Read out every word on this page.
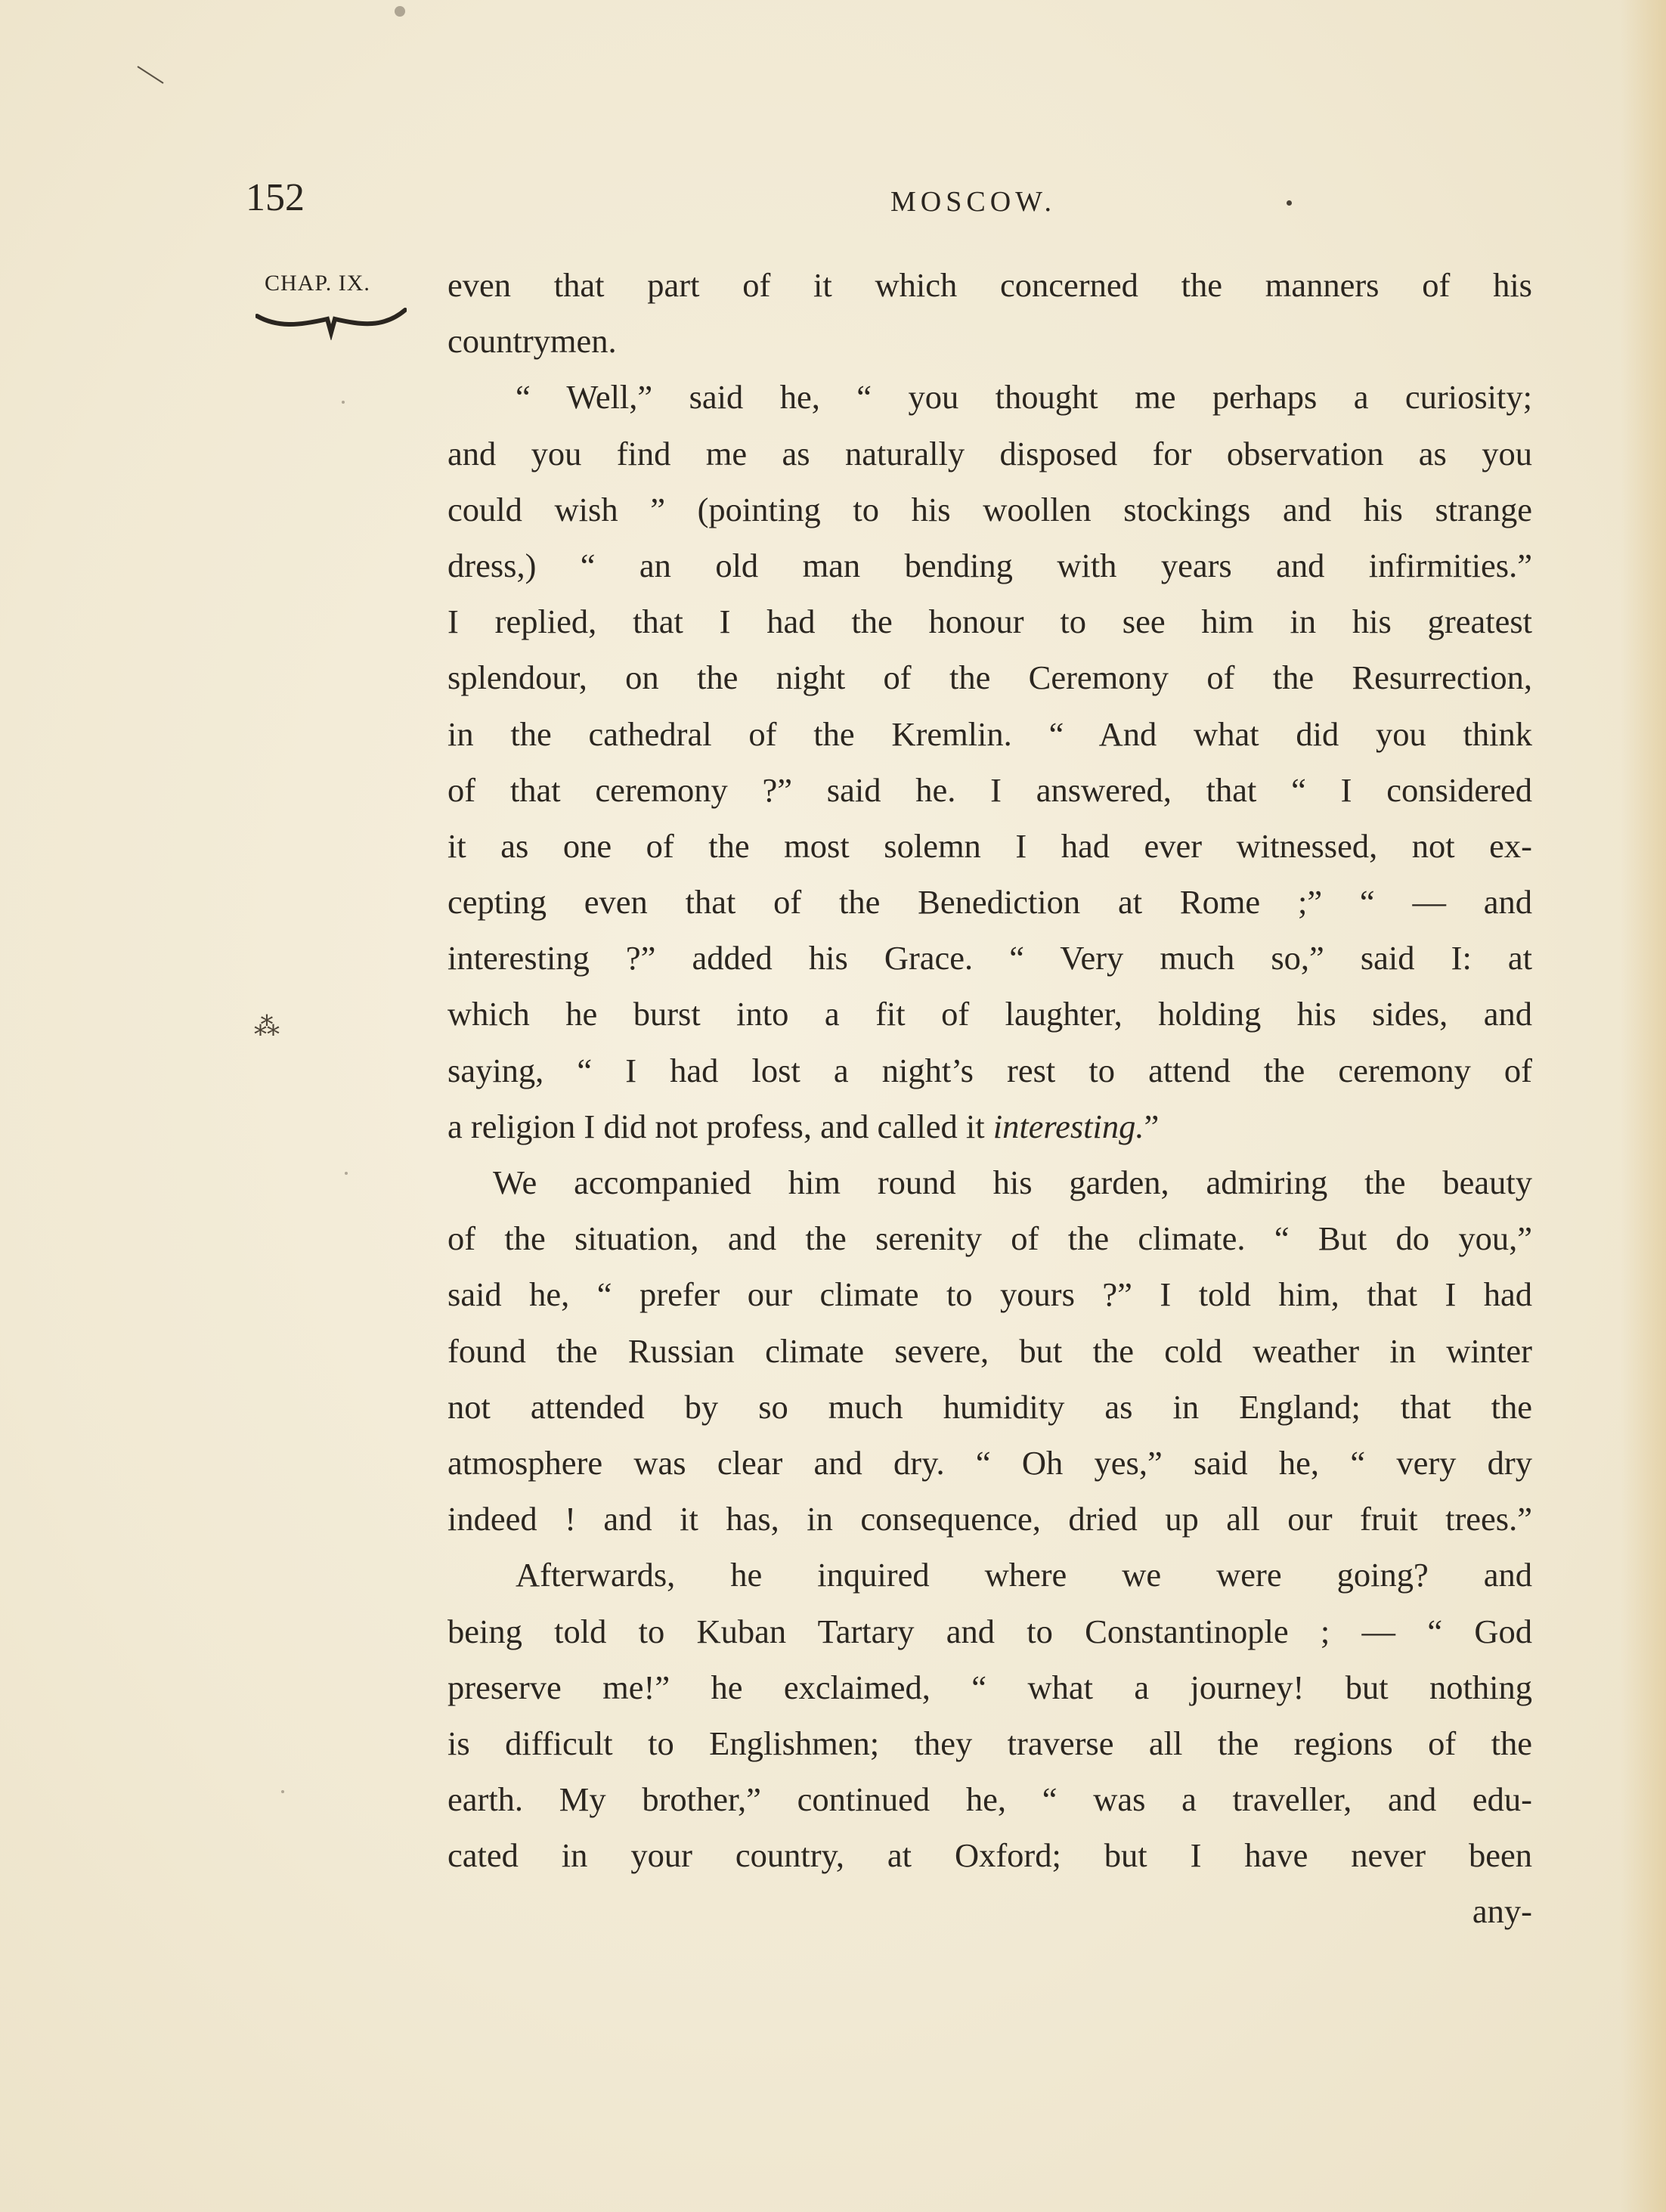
152	MOSCOW.
CHAP. IX. even that part of it which concerned the manners of his
countrymen.
“ Well,” said he, “ you thought me perhaps a curiosity;
and you find me as naturally disposed for observation as you
could wish ” (pointing to his woollen stockings and his strange
dress,) “ an old man bending with years and infirmities.”
I replied, that I had the honour to see him in his greatest
splendour, on the night of the Ceremony of the Resurrection,
in the cathedral of the Kremlin. “ And what did you think
of that ceremony ?” said he. I answered, that “ I considered
it as one of the most solemn I had ever witnessed, not ex-
cepting even that of the Benediction at Rome ;” “ — and
interesting ?” added his Grace. “ Very much so,” said I: at
which he burst into a fit of laughter, holding his sides, and
saying, “ I had lost a night’s rest to attend the ceremony of
a religion I did not profess, and called it interesting.”
We accompanied him round his garden, admiring the beauty
of the situation, and the serenity of the climate. “ But do you,”
said he, “ prefer our climate to yours ?” I told him, that I had
found the Russian climate severe, but the cold weather in winter
not attended by so much humidity as in England; that the
atmosphere was clear and dry. “ Oh yes,” said he, “ very dry
indeed ! and it has, in consequence, dried up all our fruit trees.”
Afterwards, he inquired where we were going? and
being told to Kuban Tartary and to Constantinople ; — “ God
preserve me!” he exclaimed, “ what a journey! but nothing
is difficult to Englishmen; they traverse all the regions of the
earth. My brother,” continued he, “ was a traveller, and edu-
cated in your country, at Oxford; but I have never been
any-
⁂
